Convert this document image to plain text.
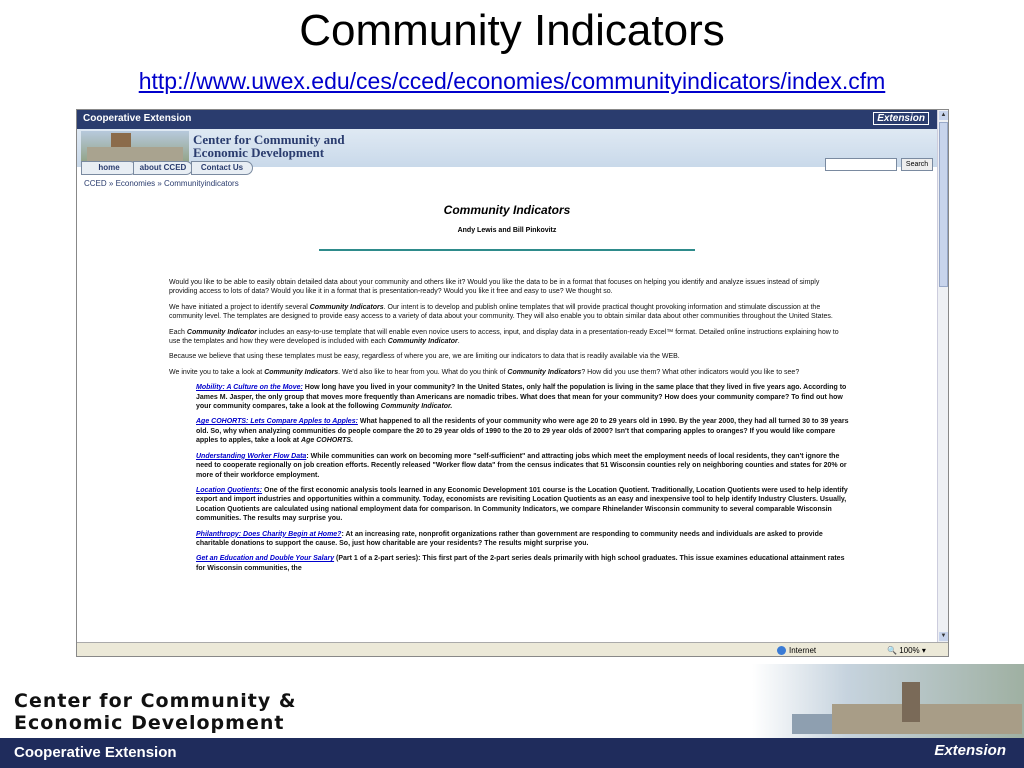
Community Indicators
http://www.uwex.edu/ces/cced/economies/communityindicators/index.cfm
Cooperative Extension	Extension
Center for Community and
Economic Development
home	about CCED	Contact Us	Search
CCED » Economies » Communityindicators
Community Indicators
Andy Lewis and Bill Pinkovitz

Would you like to be able to easily obtain detailed data about your community and others like it? Would you like the data to be in a format that focuses on helping you identify and analyze issues instead of simply providing access to lots of data? Would you like it in a format that is presentation-ready? Would you like it free and easy to use? We thought so.

We have initiated a project to identify several Community Indicators. Our intent is to develop and publish online templates that will provide practical thought provoking information and stimulate discussion at the community level. The templates are designed to provide easy access to a variety of data about your community. They will also enable you to obtain similar data about other communities throughout the United States.

Each Community Indicator includes an easy-to-use template that will enable even novice users to access, input, and display data in a presentation-ready Excel™ format. Detailed online instructions explaining how to use the templates and how they were developed is included with each Community Indicator.

Because we believe that using these templates must be easy, regardless of where you are, we are limiting our indicators to data that is readily available via the WEB.

We invite you to take a look at Community Indicators. We'd also like to hear from you. What do you think of Community Indicators? How did you use them? What other indicators would you like to see?

Mobility: A Culture on the Move: How long have you lived in your community? In the United States, only half the population is living in the same place that they lived in five years ago. According to James M. Jasper, the only group that moves more frequently than Americans are nomadic tribes. What does that mean for your community? How does your community compare? To find out how your community compares, take a look at the following Community Indicator.
Age COHORTS: Lets Compare Apples to Apples: What happened to all the residents of your community who were age 20 to 29 years old in 1990. By the year 2000, they had all turned 30 to 39 years old. So, why when analyzing communities do people compare the 20 to 29 year olds of 1990 to the 20 to 29 year olds of 2000? Isn't that comparing apples to oranges? If you would like compare apples to apples, take a look at Age COHORTS.
Understanding Worker Flow Data: While communities can work on becoming more "self-sufficient" and attracting jobs which meet the employment needs of local residents, they can't ignore the need to cooperate regionally on job creation efforts. Recently released "Worker flow data" from the census indicates that 51 Wisconsin counties rely on neighboring counties and states for 20% or more of their workforce employment.
Location Quotients: One of the first economic analysis tools learned in any Economic Development 101 course is the Location Quotient. Traditionally, Location Quotients were used to help identify export and import industries and opportunities within a community. Today, economists are revisiting Location Quotients as an easy and inexpensive tool to help identify Industry Clusters. Usually, Location Quotients are calculated using national employment data for comparison. In Community Indicators, we compare Rhinelander Wisconsin community to several comparable Wisconsin communities. The results may surprise you.
Philanthropy: Does Charity Begin at Home?: At an increasing rate, nonprofit organizations rather than government are responding to community needs and individuals are asked to provide charitable donations to support the cause. So, just how charitable are your residents? The results might surprise you.
Get an Education and Double Your Salary (Part 1 of a 2-part series): This first part of the 2-part series deals primarily with high school graduates. This issue examines educational attainment rates for Wisconsin communities, the
▲
▼
Internet	🔍 100% ▾
Center for Community &
Economic Development
Cooperative Extension	Extension
